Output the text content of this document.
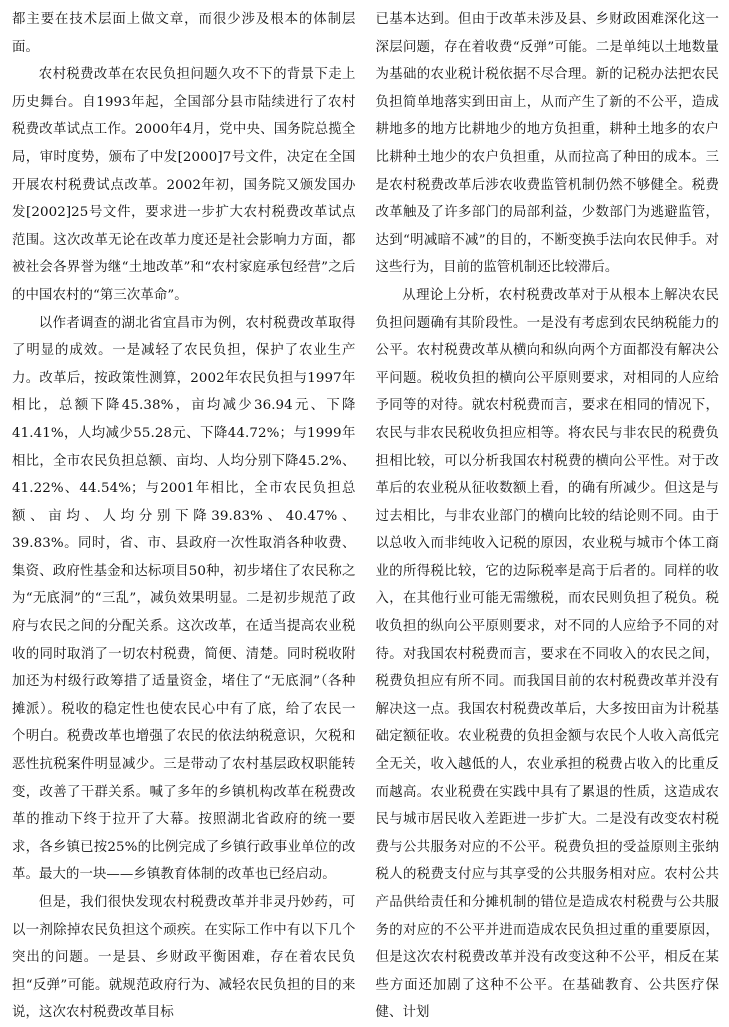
都主要在技术层面上做文章，而很少涉及根本的体制层面。

农村税费改革在农民负担问题久攻不下的背景下走上历史舞台。自1993年起，全国部分县市陆续进行了农村税费改革试点工作。2000年4月，党中央、国务院总揽全局，审时度势，颁布了中发[2000]7号文件，决定在全国开展农村税费试点改革。2002年初，国务院又颁发国办发[2002]25号文件，要求进一步扩大农村税费改革试点范围。这次改革无论在改革力度还是社会影响力方面，都被社会各界誉为继“土地改革”和“农村家庭承包经营”之后的中国农村的“第三次革命”。

以作者调查的湖北省宜昌市为例，农村税费改革取得了明显的成效。一是减轻了农民负担，保护了农业生产力。改革后，按政策性测算，2002年农民负担与1997年相比，总额下降45.38%，亩均减少36.94元、下降41.41%，人均减少55.28元、下降44.72%；与1999年相比，全市农民负担总额、亩均、人均分别下降45.2%、41.22%、44.54%；与2001年相比，全市农民负担总额、亩均、人均分别下降39.83%、40.47%、39.83%。同时，省、市、县政府一次性取消各种收费、集资、政府性基金和达标项目50种，初步堵住了农民称之为“无底洞”的“三乱”，减负效果明显。二是初步规范了政府与农民之间的分配关系。这次改革，在适当提高农业税收的同时取消了一切农村税费，简便、清楚。同时税收附加还为村级行政筹措了适量资金，堵住了“无底洞”（各种摊派）。税收的稳定性也使农民心中有了底，给了农民一个明白。税费改革也增强了农民的依法纳税意识，欠税和恶性抗税案件明显减少。三是带动了农村基层政权职能转变，改善了干群关系。喊了多年的乡镇机构改革在税费改革的推动下终于拉开了大幕。按照湖北省政府的统一要求，各乡镇已按25%的比例完成了乡镇行政事业单位的改革。最大的一块——乡镇教育体制的改革也已经启动。

但是，我们很快发现农村税费改革并非灵丹妙药，可以一剂除掉农民负担这个顽疾。在实际工作中有以下几个突出的问题。一是县、乡财政平衡困难，存在着农民负担“反弹”可能。就规范政府行为、减轻农民负担的目的来说，这次农村税费改革目标

已基本达到。但由于改革未涉及县、乡财政困难深化这一深层问题，存在着收费“反弹”可能。二是单纯以土地数量为基础的农业税计税依据不尽合理。新的记税办法把农民负担简单地落实到田亩上，从而产生了新的不公平，造成耕地多的地方比耕地少的地方负担重，耕种土地多的农户比耕种土地少的农户负担重，从而拉高了种田的成本。三是农村税费改革后涉农收费监管机制仍然不够健全。税费改革触及了许多部门的局部利益，少数部门为逃避监管，达到“明减暗不减”的目的，不断变换手法向农民伸手。对这些行为，目前的监管机制还比较滞后。

从理论上分析，农村税费改革对于从根本上解决农民负担问题确有其阶段性。一是没有考虑到农民纳税能力的公平。农村税费改革从横向和纵向两个方面都没有解决公平问题。税收负担的横向公平原则要求，对相同的人应给予同等的对待。就农村税费而言，要求在相同的情况下，农民与非农民税收负担应相等。将农民与非农民的税费负担相比较，可以分析我国农村税费的横向公平性。对于改革后的农业税从征收数额上看，的确有所减少。但这是与过去相比，与非农业部门的横向比较的结论则不同。由于以总收入而非纯收入记税的原因，农业税与城市个体工商业的所得税比较，它的边际税率是高于后者的。同样的收入，在其他行业可能无需缴税，而农民则负担了税负。税收负担的纵向公平原则要求，对不同的人应给予不同的对待。对我国农村税费而言，要求在不同收入的农民之间，税费负担应有所不同。而我国目前的农村税费改革并没有解决这一点。我国农村税费改革后，大多按田亩为计税基础定额征收。农业税费的负担金额与农民个人收入高低完全无关，收入越低的人，农业承担的税费占收入的比重反而越高。农业税费在实践中具有了累退的性质，这造成农民与城市居民收入差距进一步扩大。二是没有改变农村税费与公共服务对应的不公平。税费负担的受益原则主张纳税人的税费支付应与其享受的公共服务相对应。农村公共产品供给责任和分摊机制的错位是造成农村税费与公共服务的对应的不公平并进而造成农民负担过重的重要原因，但是这次农村税费改革并没有改变这种不公平，相反在某些方面还加剧了这种不公平。在基础教育、公共医疗保健、计划
